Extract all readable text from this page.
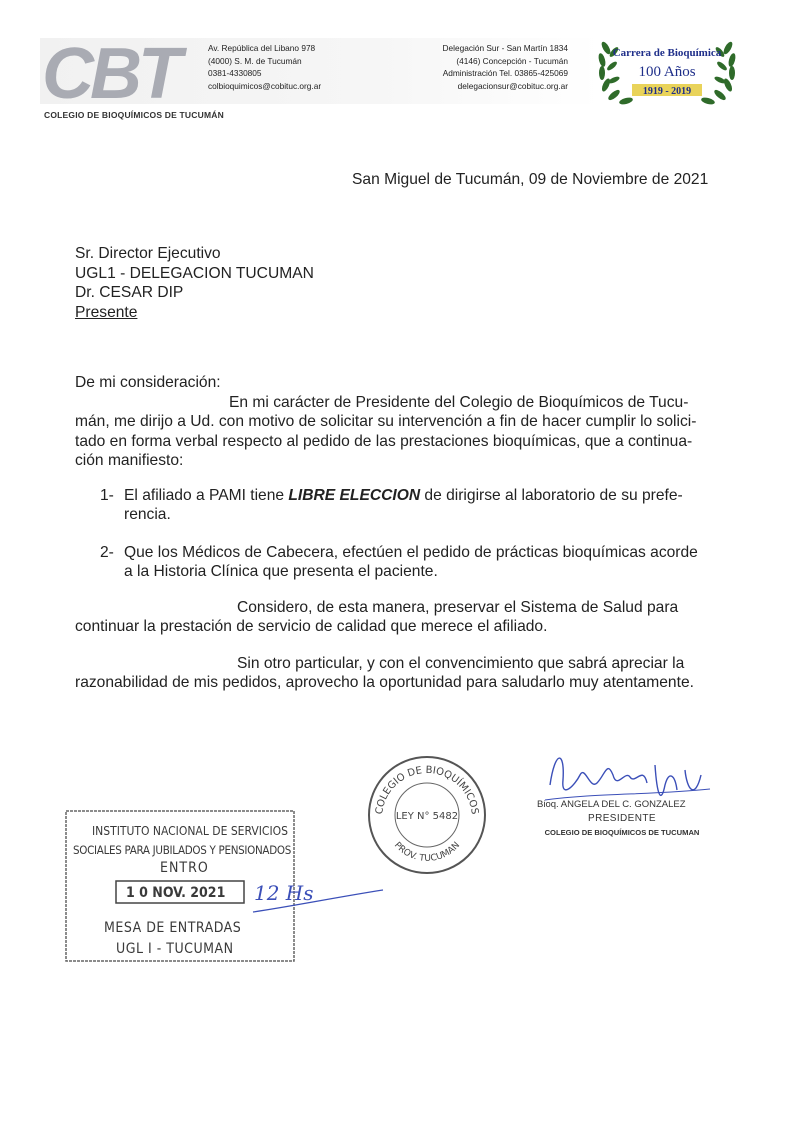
CBT
COLEGIO DE BIOQUÍMICOS DE TUCUMÁN
Av. República del Libano 978
(4000) S. M. de Tucumán
0381-4330805
colbioquimicos@cobituc.org.ar
Delegación Sur - San Martín 1834
(4146) Concepción - Tucumán
Administración Tel. 03865-425069
delegacionsur@cobituc.org.ar
Carrera de Bioquímica
100 Años
1919 - 2019
San Miguel de Tucumán, 09 de Noviembre de 2021
Sr. Director Ejecutivo
UGL1 - DELEGACION TUCUMAN
Dr. CESAR DIP
Presente
De mi consideración:
En mi carácter de Presidente del Colegio de Bioquímicos de Tucu-
mán, me dirijo a Ud. con motivo de solicitar su intervención a fin de hacer cumplir lo solici-
tado en forma verbal respecto al pedido de las prestaciones bioquímicas, que a continua-
ción manifiesto:
1- El afiliado a PAMI tiene LIBRE ELECCION de dirigirse al laboratorio de su prefe-
rencia.
2- Que los Médicos de Cabecera, efectúen el pedido de prácticas bioquímicas acorde
a la Historia Clínica que presenta el paciente.
Considero, de esta manera, preservar el Sistema de Salud para
continuar la prestación de servicio de calidad que merece el afiliado.
Sin otro particular, y con el convencimiento que sabrá apreciar la
razonabilidad de mis pedidos, aprovecho la oportunidad para saludarlo muy atentamente.
COLEGIO DE BIOQUÍMICOS
LEY N° 5482
PROV. TUCUMAN
Bioq. ANGELA DEL C. GONZALEZ
PRESIDENTE
COLEGIO DE BIOQUÍMICOS DE TUCUMAN
INSTITUTO NACIONAL DE SERVICIOS
SOCIALES PARA JUBILADOS Y PENSIONADOS
ENTRO
1 0 NOV. 2021
MESA DE ENTRADAS
UGL I - TUCUMAN
12 Hs
